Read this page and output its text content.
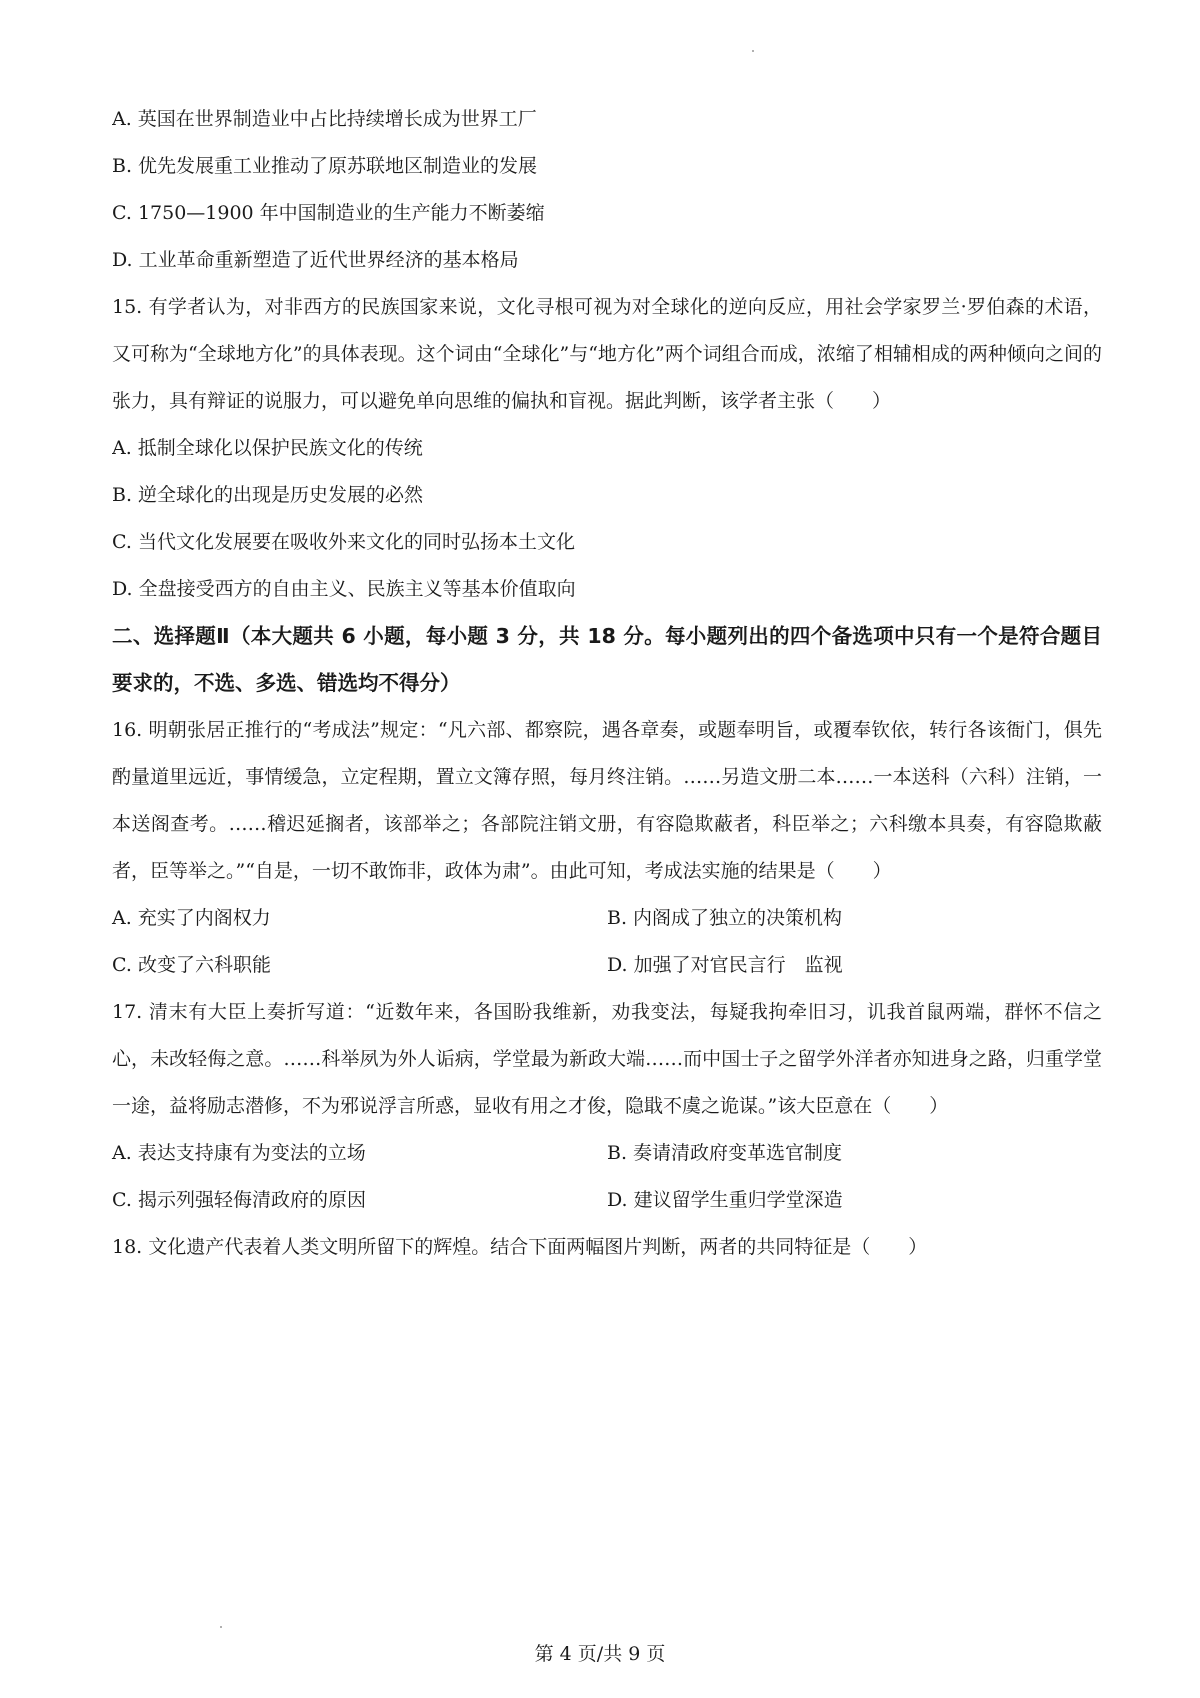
A. 英国在世界制造业中占比持续增长成为世界工厂
B. 优先发展重工业推动了原苏联地区制造业的发展
C. 1750—1900 年中国制造业的生产能力不断萎缩
D. 工业革命重新塑造了近代世界经济的基本格局
15. 有学者认为，对非西方的民族国家来说，文化寻根可视为对全球化的逆向反应，用社会学家罗兰·罗伯森的术语，又可称为“全球地方化”的具体表现。这个词由“全球化”与“地方化”两个词组合而成，浓缩了相辅相成的两种倾向之间的张力，具有辩证的说服力，可以避免单向思维的偏执和盲视。据此判断，该学者主张（　　）
A. 抵制全球化以保护民族文化的传统
B. 逆全球化的出现是历史发展的必然
C. 当代文化发展要在吸收外来文化的同时弘扬本土文化
D. 全盘接受西方的自由主义、民族主义等基本价值取向
二、选择题Ⅱ（本大题共 6 小题，每小题 3 分，共 18 分。每小题列出的四个备选项中只有一个是符合题目要求的，不选、多选、错选均不得分）
16. 明朝张居正推行的“考成法”规定：“凡六部、都察院，遇各章奏，或题奉明旨，或覆奉钦依，转行各该衙门，俱先酌量道里远近，事情缓急，立定程期，置立文簿存照，每月终注销。……另造文册二本……一本送科（六科）注销，一本送阁查考。……稽迟延搁者，该部举之；各部院注销文册，有容隐欺蔽者，科臣举之；六科缴本具奏，有容隐欺蔽者，臣等举之。”“自是，一切不敢饰非，政体为肃”。由此可知，考成法实施的结果是（　　）
A. 充实了内阁权力	B. 内阁成了独立的决策机构
C. 改变了六科职能	D. 加强了对官民言行　监视
17. 清末有大臣上奏折写道：“近数年来，各国盼我维新，劝我变法，每疑我拘牵旧习，讥我首鼠两端，群怀不信之心，未改轻侮之意。……科举夙为外人诟病，学堂最为新政大端……而中国士子之留学外洋者亦知进身之路，归重学堂一途，益将励志潜修，不为邪说浮言所惑，显收有用之才俊，隐戢不虞之诡谋。”该大臣意在（　　）
A. 表达支持康有为变法的立场	B. 奏请清政府变革选官制度
C. 揭示列强轻侮清政府的原因	D. 建议留学生重归学堂深造
18. 文化遗产代表着人类文明所留下的辉煌。结合下面两幅图片判断，两者的共同特征是（　　）
第 4 页/共 9 页
